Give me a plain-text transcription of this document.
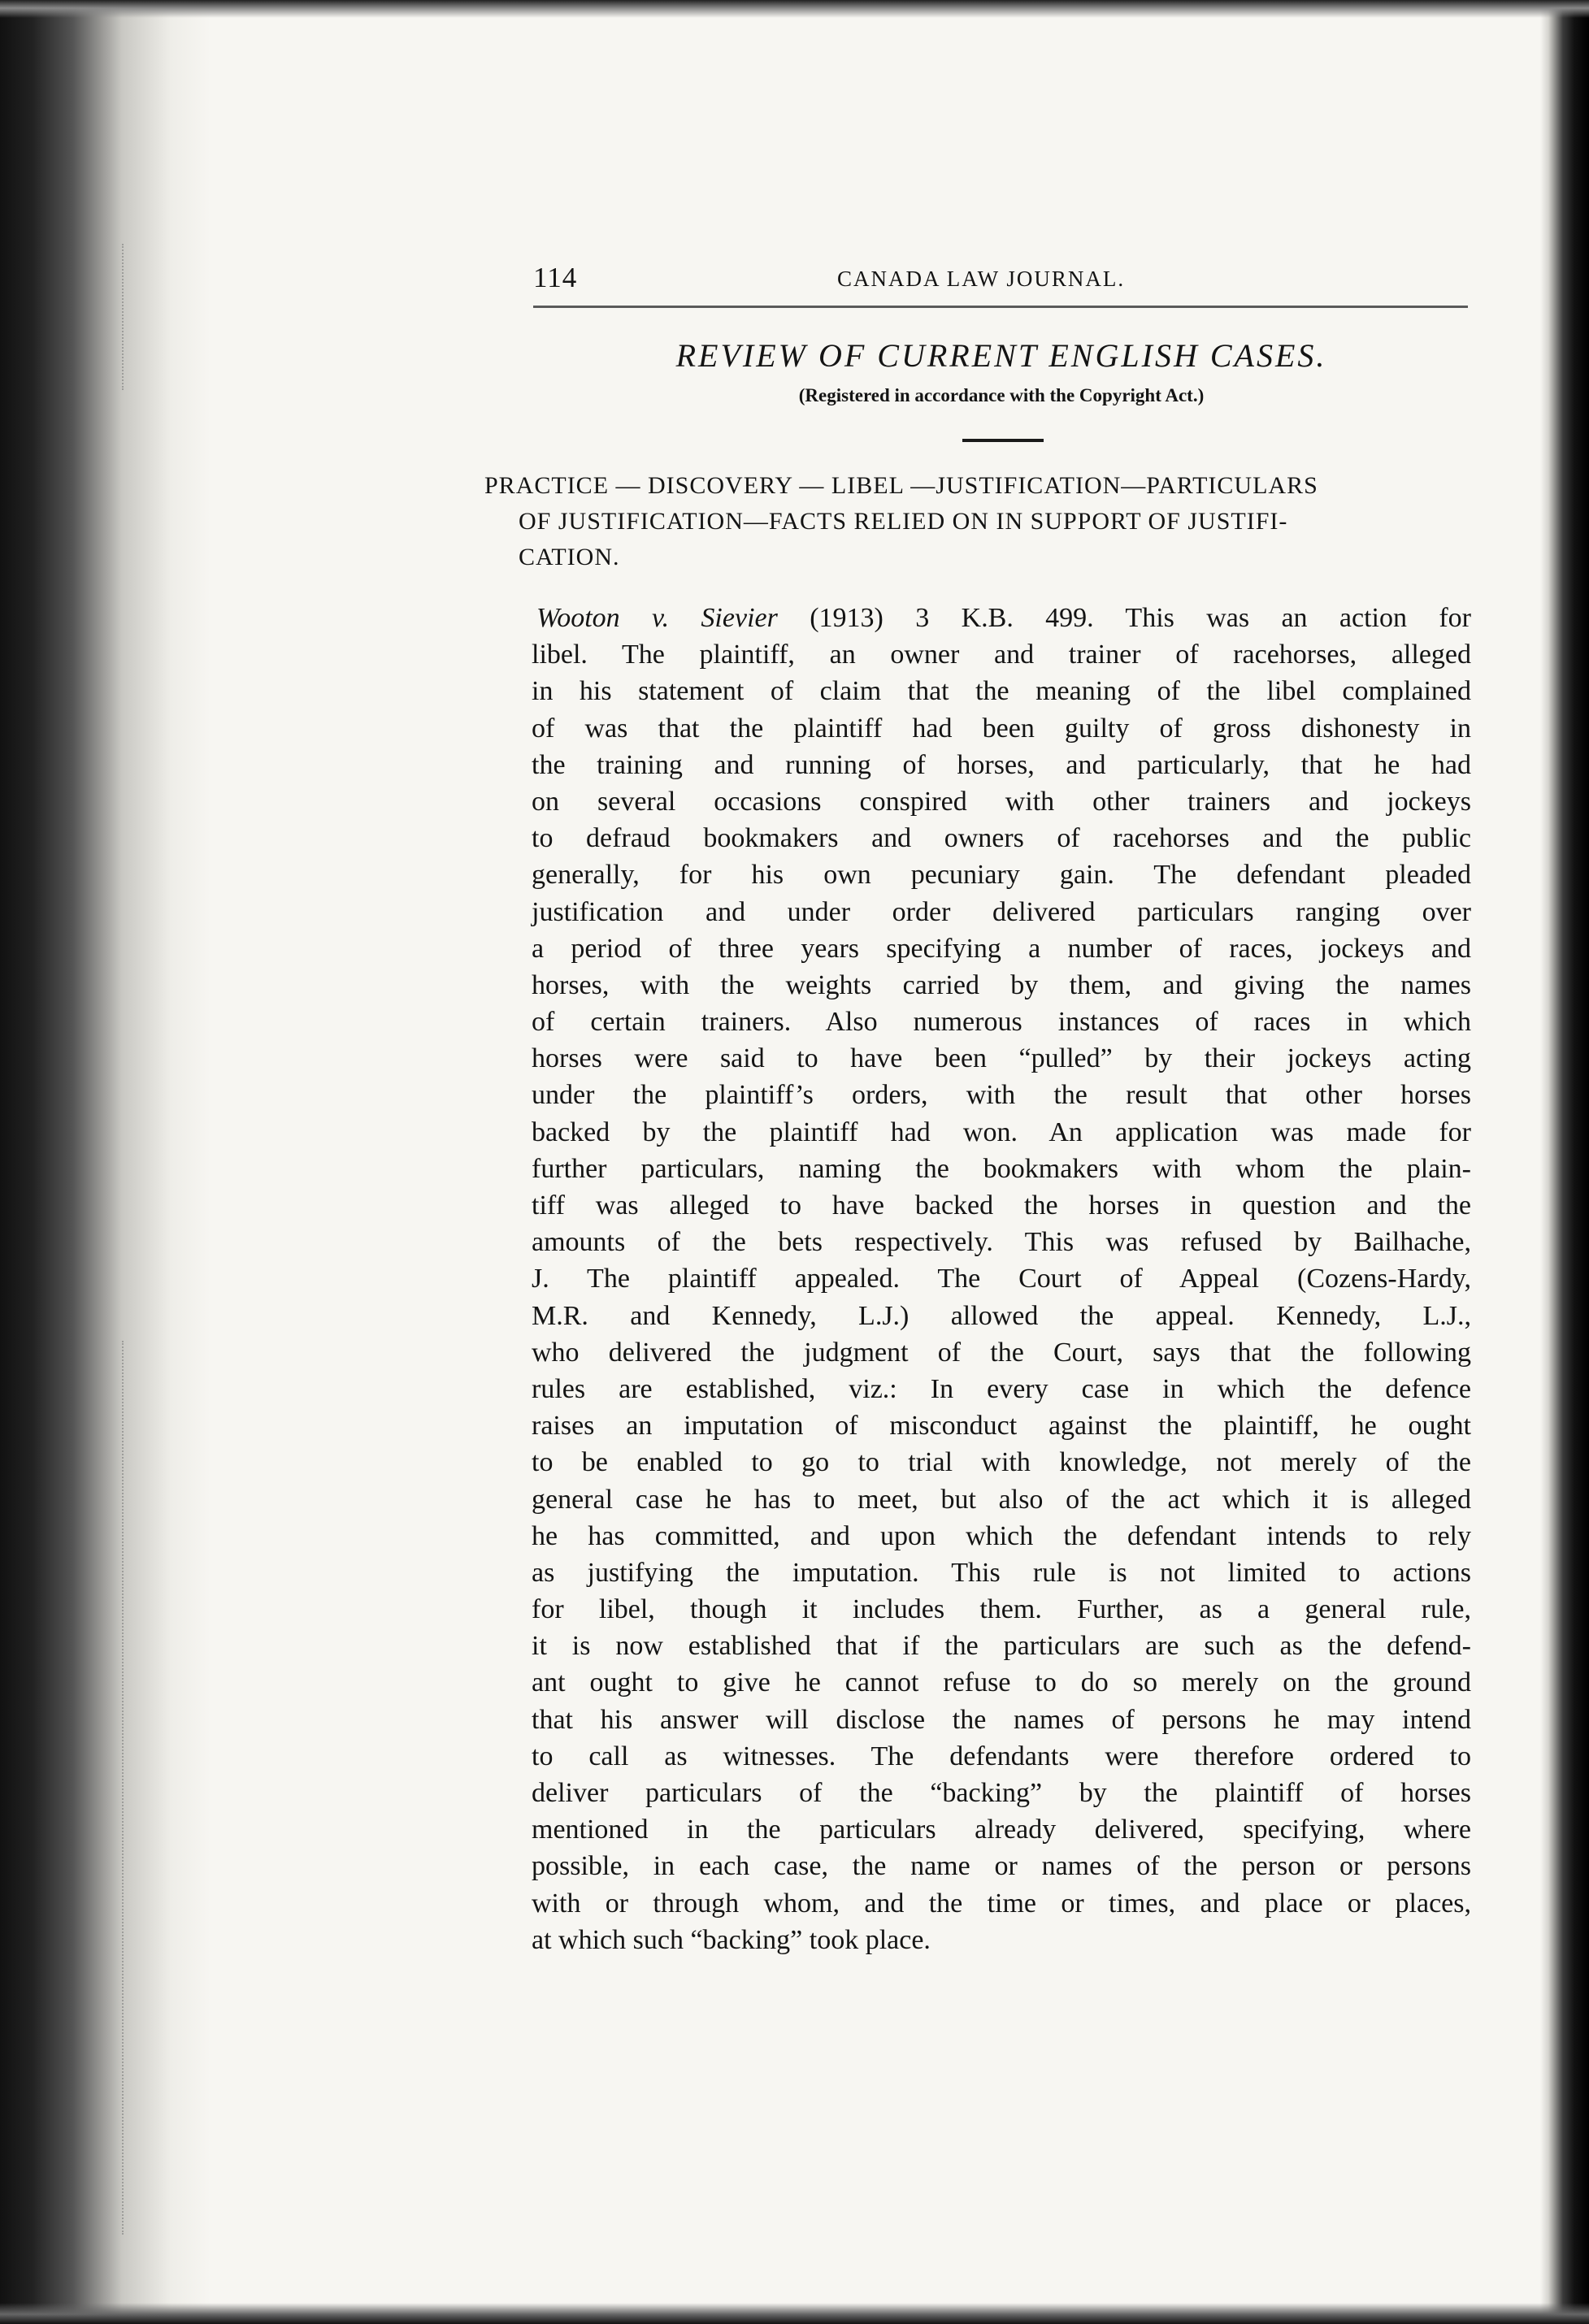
114	CANADA LAW JOURNAL.
REVIEW OF CURRENT ENGLISH CASES.
(Registered in accordance with the Copyright Act.)
PRACTICE — DISCOVERY — LIBEL —JUSTIFICATION—PARTICULARS
OF JUSTIFICATION—FACTS RELIED ON IN SUPPORT OF JUSTIFI-
CATION.
Wooton v. Sievier (1913) 3 K.B. 499. This was an action for
libel. The plaintiff, an owner and trainer of racehorses, alleged
in his statement of claim that the meaning of the libel complained
of was that the plaintiff had been guilty of gross dishonesty in
the training and running of horses, and particularly, that he had
on several occasions conspired with other trainers and jockeys
to defraud bookmakers and owners of racehorses and the public
generally, for his own pecuniary gain. The defendant pleaded
justification and under order delivered particulars ranging over
a period of three years specifying a number of races, jockeys and
horses, with the weights carried by them, and giving the names
of certain trainers. Also numerous instances of races in which
horses were said to have been “pulled” by their jockeys acting
under the plaintiff’s orders, with the result that other horses
backed by the plaintiff had won. An application was made for
further particulars, naming the bookmakers with whom the plain-
tiff was alleged to have backed the horses in question and the
amounts of the bets respectively. This was refused by Bailhache,
J. The plaintiff appealed. The Court of Appeal (Cozens-Hardy,
M.R. and Kennedy, L.J.) allowed the appeal. Kennedy, L.J.,
who delivered the judgment of the Court, says that the following
rules are established, viz.: In every case in which the defence
raises an imputation of misconduct against the plaintiff, he ought
to be enabled to go to trial with knowledge, not merely of the
general case he has to meet, but also of the act which it is alleged
he has committed, and upon which the defendant intends to rely
as justifying the imputation. This rule is not limited to actions
for libel, though it includes them. Further, as a general rule,
it is now established that if the particulars are such as the defend-
ant ought to give he cannot refuse to do so merely on the ground
that his answer will disclose the names of persons he may intend
to call as witnesses. The defendants were therefore ordered to
deliver particulars of the “backing” by the plaintiff of horses
mentioned in the particulars already delivered, specifying, where
possible, in each case, the name or names of the person or persons
with or through whom, and the time or times, and place or places,
at which such “backing” took place.
